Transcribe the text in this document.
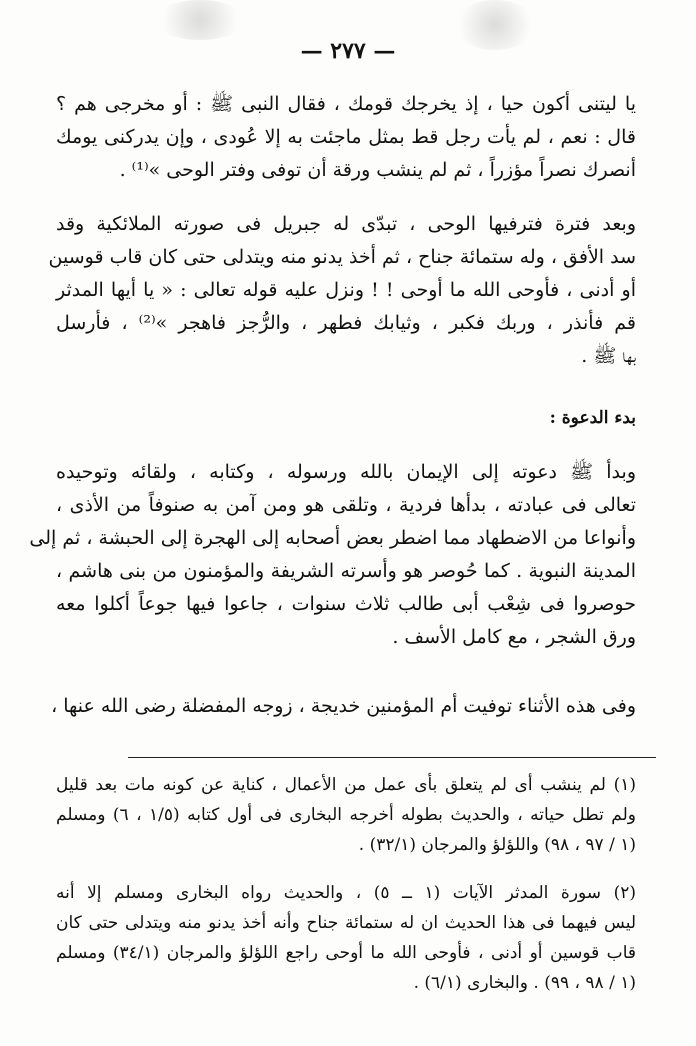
— ٢٧٧ —
يا ليتنى أكون حيا ، إذ يخرجك قومك ، فقال النبى ﷺ : أو مخرجى هم ؟
قال : نعم ، لم يأت رجل قط بمثل ماجئت به إلا عُودى ، وإن يدركنى يومك
أنصرك نصراً مؤزراً ، ثم لم ينشب ورقة أن توفى وفتر الوحى »⁽¹⁾ .
وبعد فترة فترفيها الوحى ، تبدّى له جبريل فى صورته الملائكية وقد
سد الأفق ، وله ستمائة جناح ، ثم أخذ يدنو منه ويتدلى حتى كان قاب قوسين
أو أدنى ، فأوحى الله ما أوحى ! ! ونزل عليه قوله تعالى : « يا أيها المدثر
قم فأنذر ، وربك فكبر ، وثيابك فطهر ، والرُّجز فاهجر »⁽²⁾ ، فأرسل
بها ﷺ .
بدء الدعوة :
وبدأ ﷺ دعوته إلى الإيمان بالله ورسوله ، وكتابه ، ولقائه وتوحيده
تعالى فى عبادته ، بدأها فردية ، وتلقى هو ومن آمن به صنوفاً من الأذى ،
وأنواعا من الاضطهاد مما اضطر بعض أصحابه إلى الهجرة إلى الحبشة ، ثم إلى
المدينة النبوية . كما حُوصر هو وأسرته الشريفة والمؤمنون من بنى هاشم ،
حوصروا فى شِعْب أبى طالب ثلاث سنوات ، جاعوا فيها جوعاً أكلوا معه
ورق الشجر ، مع كامل الأسف .
وفى هذه الأثناء توفيت أم المؤمنين خديجة ، زوجه المفضلة رضى الله عنها ،
(١) لم ينشب أى لم يتعلق بأى عمل من الأعمال ، كناية عن كونه مات بعد قليل
ولم تطل حياته ، والحديث بطوله أخرجه البخارى فى أول كتابه (١/٥ ، ٦) ومسلم
(١ / ٩٧ ، ٩٨) واللؤلؤ والمرجان (٣٢/١) .
(٢) سورة المدثر الآيات (١ ــ ٥) ، والحديث رواه البخارى ومسلم إلا أنه
ليس فيهما فى هذا الحديث ان له ستمائة جناح وأنه أخذ يدنو منه ويتدلى حتى كان
قاب قوسين أو أدنى ، فأوحى الله ما أوحى راجع اللؤلؤ والمرجان (٣٤/١) ومسلم
(١ / ٩٨ ، ٩٩) . والبخارى (٦/١) .
